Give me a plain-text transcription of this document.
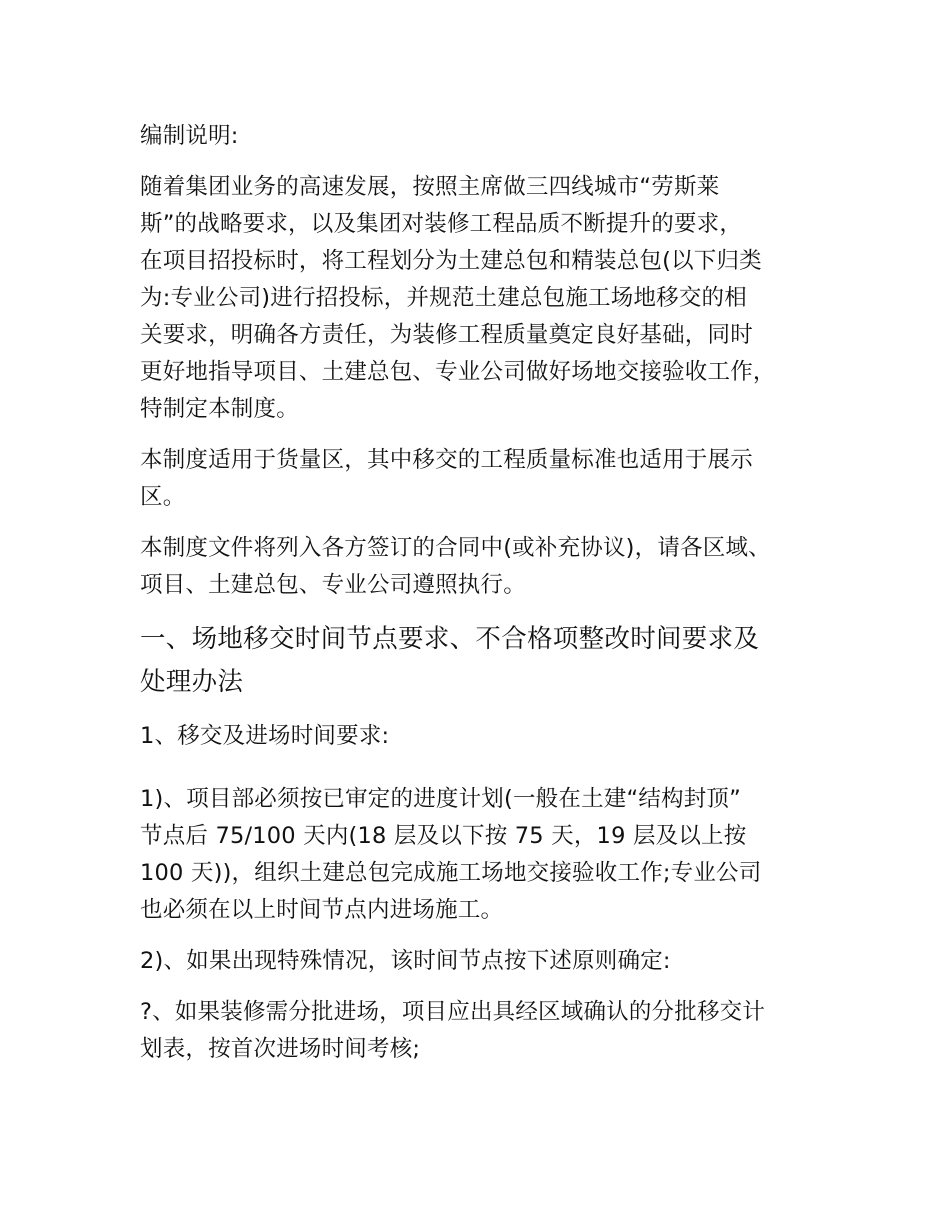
编制说明:

随着集团业务的高速发展，按照主席做三四线城市“劳斯莱
斯”的战略要求，以及集团对装修工程品质不断提升的要求，
在项目招投标时，将工程划分为土建总包和精装总包(以下归类
为:专业公司)进行招投标，并规范土建总包施工场地移交的相
关要求，明确各方责任，为装修工程质量奠定良好基础，同时
更好地指导项目、土建总包、专业公司做好场地交接验收工作，
特制定本制度。

本制度适用于货量区，其中移交的工程质量标准也适用于展示
区。

本制度文件将列入各方签订的合同中(或补充协议)，请各区域、
项目、土建总包、专业公司遵照执行。

一、场地移交时间节点要求、不合格项整改时间要求及
处理办法

1、移交及进场时间要求:

1)、项目部必须按已审定的进度计划(一般在土建“结构封顶”
节点后 75/100 天内(18 层及以下按 75 天，19 层及以上按
100 天))，组织土建总包完成施工场地交接验收工作;专业公司
也必须在以上时间节点内进场施工。

2)、如果出现特殊情况，该时间节点按下述原则确定:

?、如果装修需分批进场，项目应出具经区域确认的分批移交计
划表，按首次进场时间考核;
